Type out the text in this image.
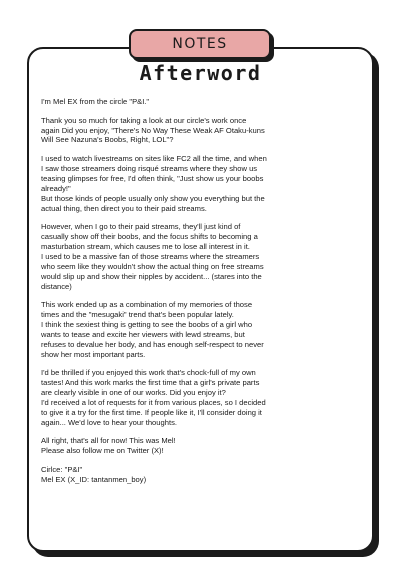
NOTES
Afterword

I'm Mel EX from the circle "P&I."

Thank you so much for taking a look at our circle's work once
again Did you enjoy, "There's No Way These Weak AF Otaku-kuns
Will See Nazuna's Boobs, Right, LOL"?

I used to watch livestreams on sites like FC2 all the time, and when
I saw those streamers doing risqué streams where they show us
teasing glimpses for free, I'd often think, "Just show us your boobs
already!"
But those kinds of people usually only show you everything but the
actual thing, then direct you to their paid streams.

However, when I go to their paid streams, they'll just kind of
casually show off their boobs, and the focus shifts to becoming a
masturbation stream, which causes me to lose all interest in it.
I used to be a massive fan of those streams where the streamers
who seem like they wouldn't show the actual thing on free streams
would slip up and show their nipples by accident... (stares into the
distance)

This work ended up as a combination of my memories of those
times and the "mesugaki" trend that's been popular lately.
I think the sexiest thing is getting to see the boobs of a girl who
wants to tease and excite her viewers with lewd streams, but
refuses to devalue her body, and has enough self-respect to never
show her most important parts.

I'd be thrilled if you enjoyed this work that's chock-full of my own
tastes! And this work marks the first time that a girl's private parts
are clearly visible in one of our works. Did you enjoy it?
I'd received a lot of requests for it from various places, so I decided
to give it a try for the first time. If people like it, I'll consider doing it
again... We'd love to hear your thoughts.

All right, that's all for now! This was Mel!
Please also follow me on Twitter (X)!

Cirlce: "P&I"
Mel EX (X_ID: tantanmen_boy)
